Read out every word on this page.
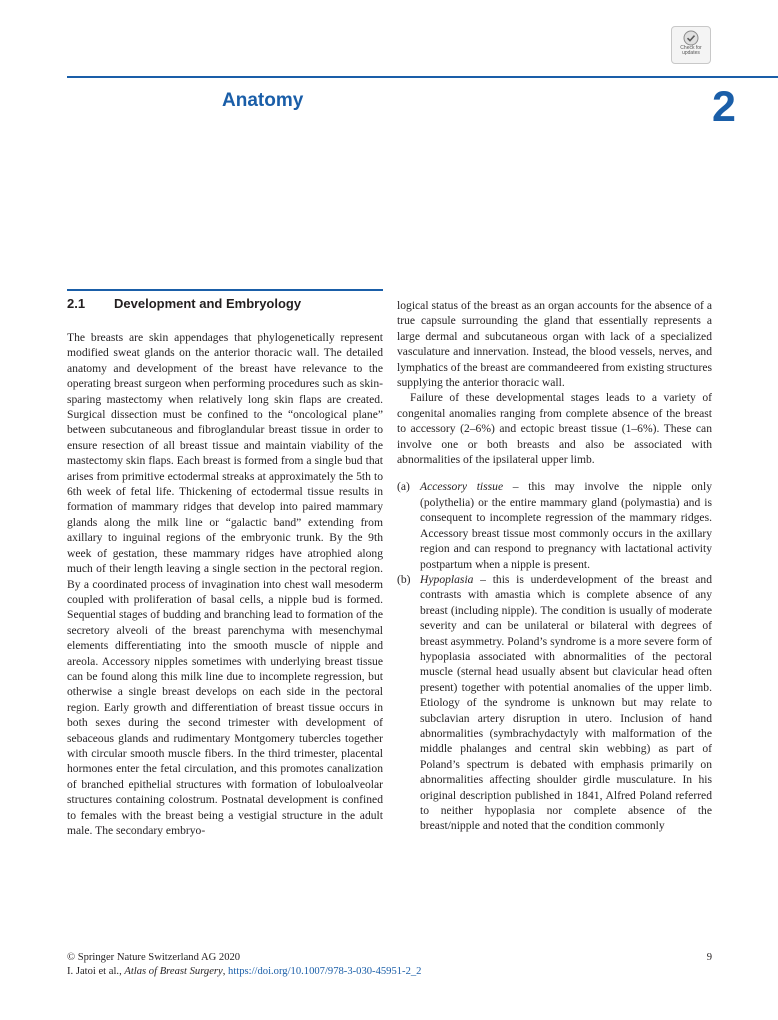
Check for
updates
Anatomy	2
2.1 Development and Embryology

The breasts are skin appendages that phylogenetically represent modified sweat glands on the anterior thoracic wall. The detailed anatomy and development of the breast have relevance to the operating breast surgeon when performing procedures such as skin-sparing mastectomy when relatively long skin flaps are created. Surgical dissection must be confined to the “oncological plane” between subcutaneous and fibroglandular breast tissue in order to ensure resection of all breast tissue and maintain viability of the mastectomy skin flaps. Each breast is formed from a single bud that arises from primitive ectodermal streaks at approximately the 5th to 6th week of fetal life. Thickening of ectodermal tissue results in formation of mammary ridges that develop into paired mammary glands along the milk line or “galactic band” extending from axillary to inguinal regions of the embryonic trunk. By the 9th week of gestation, these mammary ridges have atrophied along much of their length leaving a single section in the pectoral region. By a coordinated process of invagination into chest wall mesoderm coupled with proliferation of basal cells, a nipple bud is formed. Sequential stages of budding and branching lead to formation of the secretory alveoli of the breast parenchyma with mesenchymal elements differentiating into the smooth muscle of nipple and areola. Accessory nipples sometimes with underlying breast tissue can be found along this milk line due to incomplete regression, but otherwise a single breast develops on each side in the pectoral region. Early growth and differentiation of breast tissue occurs in both sexes during the second trimester with development of sebaceous glands and rudimentary Montgomery tubercles together with circular smooth muscle fibers. In the third trimester, placental hormones enter the fetal circulation, and this promotes canalization of branched epithelial structures with formation of lobuloalveolar structures containing colostrum. Postnatal development is confined to females with the breast being a vestigial structure in the adult male. The secondary embryo-

logical status of the breast as an organ accounts for the absence of a true capsule surrounding the gland that essentially represents a large dermal and subcutaneous organ with lack of a specialized vasculature and innervation. Instead, the blood vessels, nerves, and lymphatics of the breast are commandeered from existing structures supplying the anterior thoracic wall.

Failure of these developmental stages leads to a variety of congenital anomalies ranging from complete absence of the breast to accessory (2–6%) and ectopic breast tissue (1–6%). These can involve one or both breasts and also be associated with abnormalities of the ipsilateral upper limb.

(a) Accessory tissue – this may involve the nipple only (polythelia) or the entire mammary gland (polymastia) and is consequent to incomplete regression of the mammary ridges. Accessory breast tissue most commonly occurs in the axillary region and can respond to pregnancy with lactational activity postpartum when a nipple is present.
(b) Hypoplasia – this is underdevelopment of the breast and contrasts with amastia which is complete absence of any breast (including nipple). The condition is usually of moderate severity and can be unilateral or bilateral with degrees of breast asymmetry. Poland’s syndrome is a more severe form of hypoplasia associated with abnormalities of the pectoral muscle (sternal head usually absent but clavicular head often present) together with potential anomalies of the upper limb. Etiology of the syndrome is unknown but may relate to subclavian artery disruption in utero. Inclusion of hand abnormalities (symbrachydactyly with malformation of the middle phalanges and central skin webbing) as part of Poland’s spectrum is debated with emphasis primarily on abnormalities affecting shoulder girdle musculature. In his original description published in 1841, Alfred Poland referred to neither hypoplasia nor complete absence of the breast/nipple and noted that the condition commonly
© Springer Nature Switzerland AG 2020
I. Jatoi et al., Atlas of Breast Surgery, https://doi.org/10.1007/978-3-030-45951-2_2
9
